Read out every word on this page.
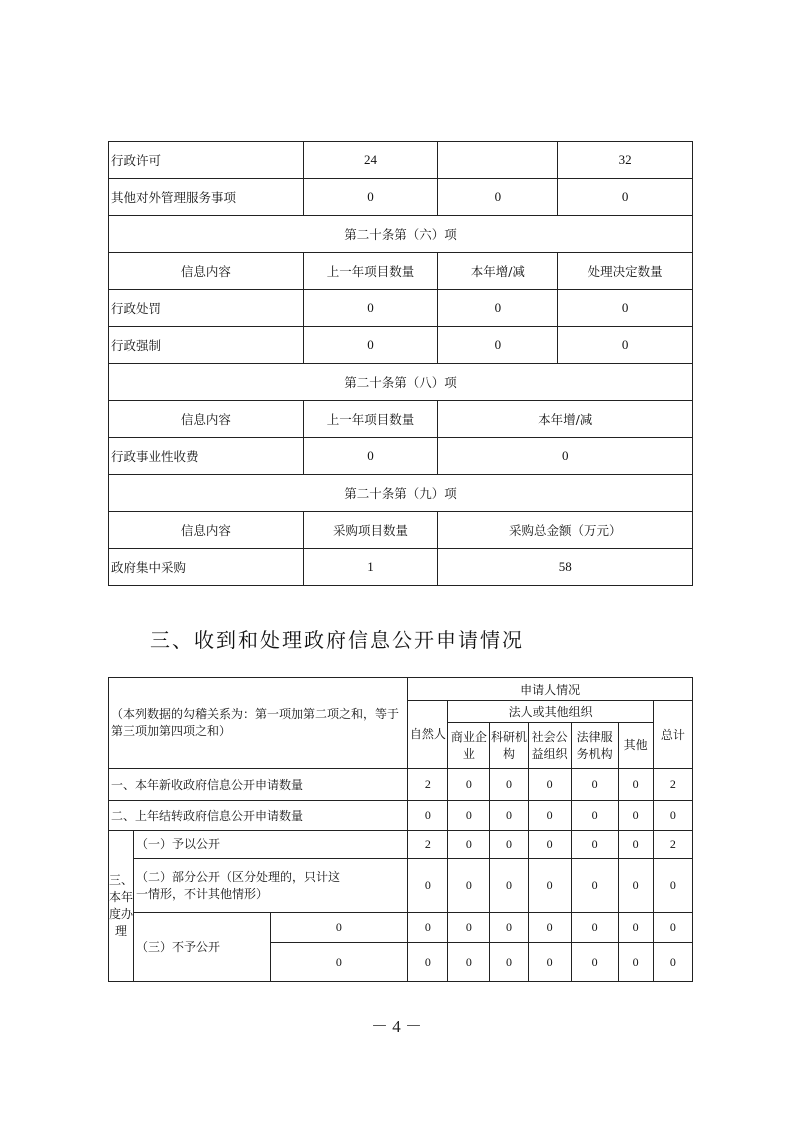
行政许可	24		32
其他对外管理服务事项	0	0	0
第二十条第（六）项			
信息内容	上一年项目数量	本年增/减	处理决定数量
行政处罚	0	0	0
行政强制	0	0	0
第二十条第（八）项			
信息内容	上一年项目数量	本年增/减	
行政事业性收费	0	0	
第二十条第（九）项			
信息内容	采购项目数量	采购总金额（万元）	
政府集中采购	1	58	
三、收到和处理政府信息公开申请情况
（本列数据的勾稽关系为：第一项加第二项之和，等于第三项加第四项之和）			申请人情况						
			自然人	法人或其他组织					总计
				商业企业	科研机构	社会公益组织	法律服务机构	其他	
一、本年新收政府信息公开申请数量			2	0	0	0	0	0	2
二、上年结转政府信息公开申请数量			0	0	0	0	0	0	0
三、本年度办理	（一）予以公开		2	0	0	0	0	0	2
	（二）部分公开（区分处理的，只计这一情形，不计其他情形）		0	0	0	0	0	0	0
	（三）不予公开	0	0	0	0	0	0	0	0
		0	0	0	0	0	0	0	0
－ 4 －
